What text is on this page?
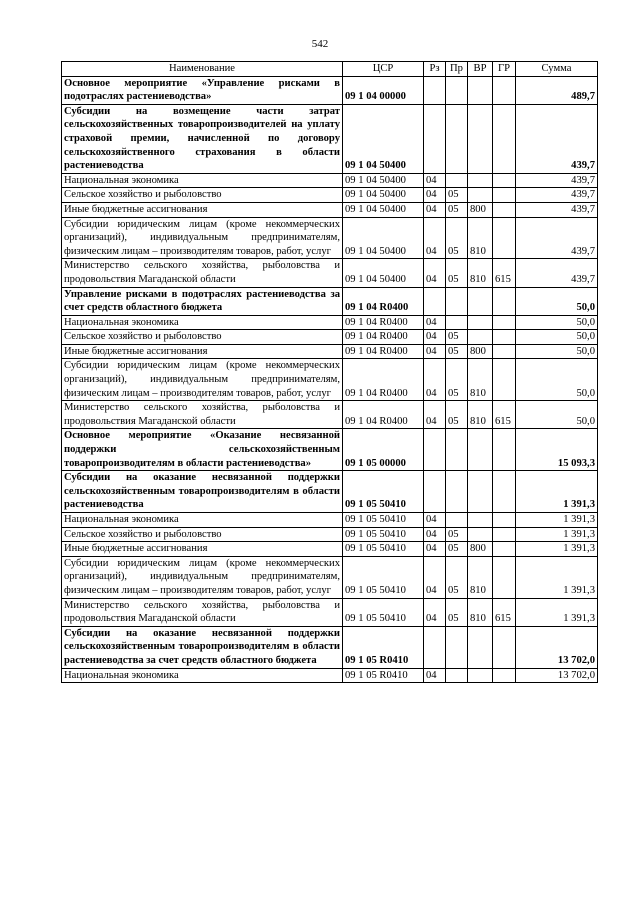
542
Наименование	ЦСР	Рз	Пр	ВР	ГР	Сумма
Основное мероприятие «Управление рисками в подотраслях растениеводства»	09 1 04 00000					489,7
Субсидии на возмещение части затрат сельскохозяйственных товаропроизводителей на уплату страховой премии, начисленной по договору сельскохозяйственного страхования в области растениеводства	09 1 04 50400					439,7
Национальная экономика	09 1 04 50400	04				439,7
Сельское хозяйство и рыболовство	09 1 04 50400	04	05			439,7
Иные бюджетные ассигнования	09 1 04 50400	04	05	800		439,7
Субсидии юридическим лицам (кроме некоммерческих организаций), индивидуальным предпринимателям, физическим лицам – производителям товаров, работ, услуг	09 1 04 50400	04	05	810		439,7
Министерство сельского хозяйства, рыболовства и продовольствия Магаданской области	09 1 04 50400	04	05	810	615	439,7
Управление рисками в подотраслях растениеводства за счет средств областного бюджета	09 1 04 R0400					50,0
Национальная экономика	09 1 04 R0400	04				50,0
Сельское хозяйство и рыболовство	09 1 04 R0400	04	05			50,0
Иные бюджетные ассигнования	09 1 04 R0400	04	05	800		50,0
Субсидии юридическим лицам (кроме некоммерческих организаций), индивидуальным предпринимателям, физическим лицам – производителям товаров, работ, услуг	09 1 04 R0400	04	05	810		50,0
Министерство сельского хозяйства, рыболовства и продовольствия Магаданской области	09 1 04 R0400	04	05	810	615	50,0
Основное мероприятие «Оказание несвязанной поддержки сельскохозяйственным товаропроизводителям в области растениеводства»	09 1 05 00000					15 093,3
Субсидии на оказание несвязанной поддержки сельскохозяйственным товаропроизводителям в области растениеводства	09 1 05 50410					1 391,3
Национальная экономика	09 1 05 50410	04				1 391,3
Сельское хозяйство и рыболовство	09 1 05 50410	04	05			1 391,3
Иные бюджетные ассигнования	09 1 05 50410	04	05	800		1 391,3
Субсидии юридическим лицам (кроме некоммерческих организаций), индивидуальным предпринимателям, физическим лицам – производителям товаров, работ, услуг	09 1 05 50410	04	05	810		1 391,3
Министерство сельского хозяйства, рыболовства и продовольствия Магаданской области	09 1 05 50410	04	05	810	615	1 391,3
Субсидии на оказание несвязанной поддержки сельскохозяйственным товаропроизводителям в области растениеводства за счет средств областного бюджета	09 1 05 R0410					13 702,0
Национальная экономика	09 1 05 R0410	04				13 702,0
